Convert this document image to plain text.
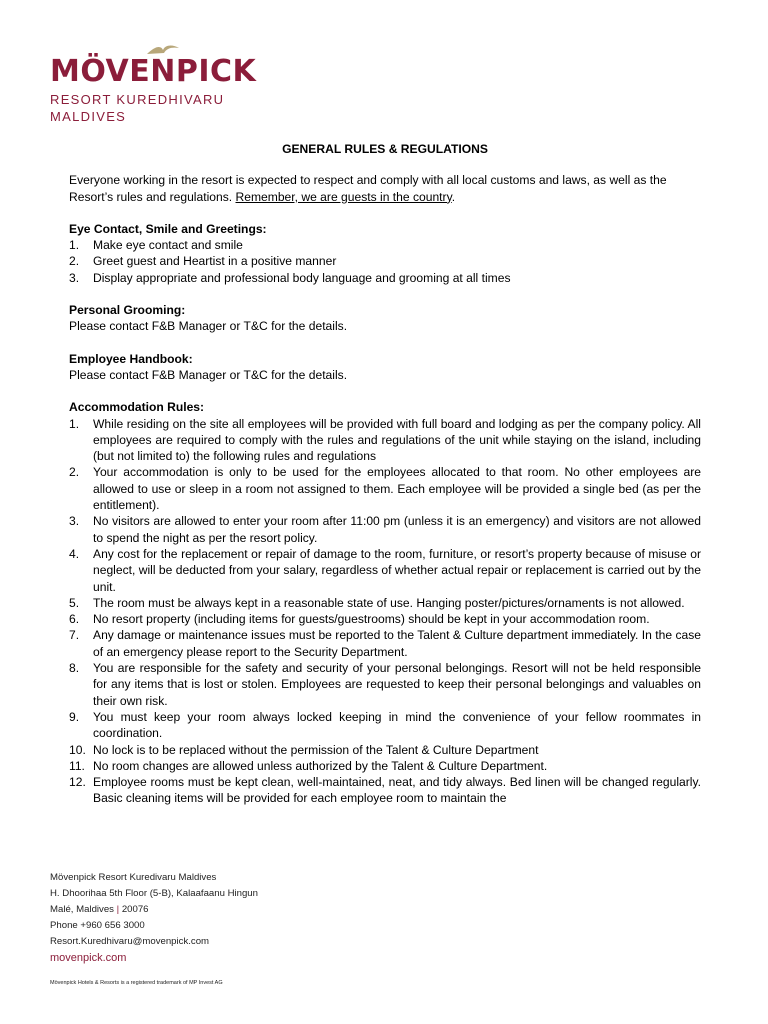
MÖVENPICK
RESORT KUREDHIVARU
MALDIVES
GENERAL RULES & REGULATIONS

Everyone working in the resort is expected to respect and comply with all local customs and laws, as well as the Resort’s rules and regulations. Remember, we are guests in the country.

Eye Contact, Smile and Greetings:
1. Make eye contact and smile
2. Greet guest and Heartist in a positive manner
3. Display appropriate and professional body language and grooming at all times
Personal Grooming:

Please contact F&B Manager or T&C for the details.

Employee Handbook:

Please contact F&B Manager or T&C for the details.

Accommodation Rules:
1. While residing on the site all employees will be provided with full board and lodging as per the company policy. All employees are required to comply with the rules and regulations of the unit while staying on the island, including (but not limited to) the following rules and regulations
2. Your accommodation is only to be used for the employees allocated to that room. No other employees are allowed to use or sleep in a room not assigned to them. Each employee will be provided a single bed (as per the entitlement).
3. No visitors are allowed to enter your room after 11:00 pm (unless it is an emergency) and visitors are not allowed to spend the night as per the resort policy.
4. Any cost for the replacement or repair of damage to the room, furniture, or resort’s property because of misuse or neglect, will be deducted from your salary, regardless of whether actual repair or replacement is carried out by the unit.
5. The room must be always kept in a reasonable state of use. Hanging poster/pictures/ornaments is not allowed.
6. No resort property (including items for guests/guestrooms) should be kept in your accommodation room.
7. Any damage or maintenance issues must be reported to the Talent & Culture department immediately. In the case of an emergency please report to the Security Department.
8. You are responsible for the safety and security of your personal belongings. Resort will not be held responsible for any items that is lost or stolen. Employees are requested to keep their personal belongings and valuables on their own risk.
9. You must keep your room always locked keeping in mind the convenience of your fellow roommates in coordination.
10. No lock is to be replaced without the permission of the Talent & Culture Department
11. No room changes are allowed unless authorized by the Talent & Culture Department.
12. Employee rooms must be kept clean, well-maintained, neat, and tidy always. Bed linen will be changed regularly. Basic cleaning items will be provided for each employee room to maintain the
Mövenpick Resort Kuredivaru Maldives
H. Dhoorihaa 5th Floor (5-B), Kalaafaanu Hingun
Malé, Maldives | 20076
Phone +960 656 3000
Resort.Kuredhivaru@movenpick.com
movenpick.com
Mövenpick Hotels & Resorts is a registered trademark of MP Invest AG
